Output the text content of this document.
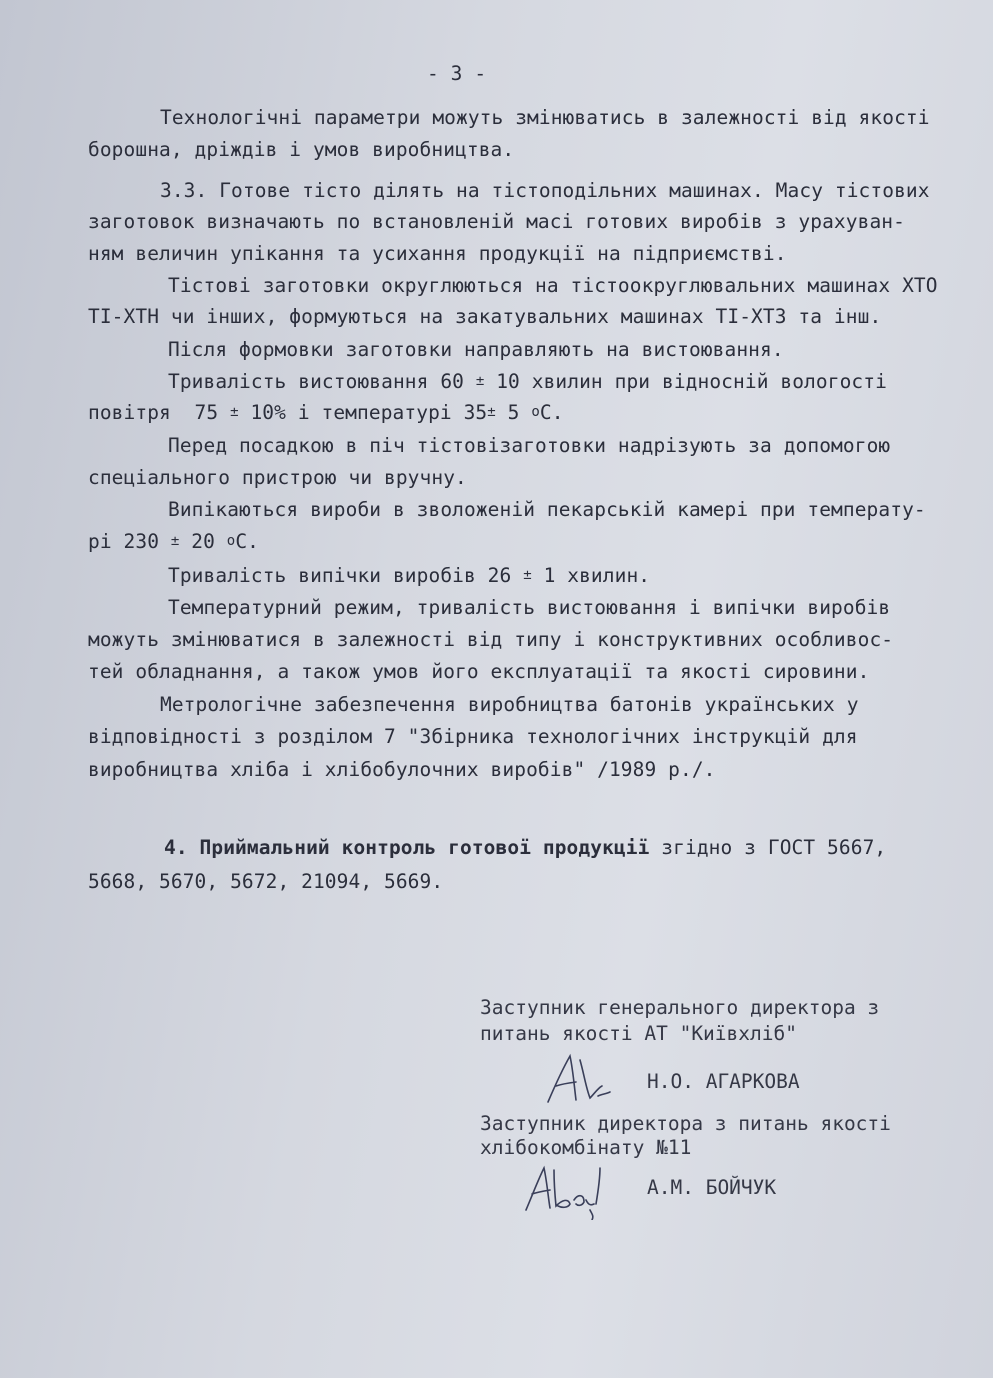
- 3 -
Технологічні параметри можуть змінюватись в залежності від якості
борошна, дріждів і умов виробництва.
3.3. Готове тісто ділять на тістоподільних машинах. Масу тістових
заготовок визначають по встановленій масі готових виробів з урахуван-
ням величин упікання та усихання продукції на підприємстві.
Тістові заготовки округлюються на тістоокруглювальних машинах ХТО
ТІ-ХТН чи інших, формуються на закатувальних машинах ТІ-ХТЗ та інш.
Після формовки заготовки направляють на вистоювання.
Тривалість вистоювання 60 ± 10 хвилин при відносній вологості
повітря  75 ± 10% і температурі 35± 5 $^o$С.
Перед посадкою в піч тістовізаготовки надрізують за допомогою
спеціального пристрою чи вручну.
Випікаються вироби в зволоженій пекарській камері при температу-
рі 230 ± 20 $^o$С.
Тривалість випічки виробів 26 ± 1 хвилин.
Температурний режим, тривалість вистоювання і випічки виробів
можуть змінюватися в залежності від типу і конструктивних особливос-
тей обладнання, а також умов його експлуатації та якості сировини.
Метрологічне забезпечення виробництва батонів українських у
відповідності з розділом 7 "Збірника технологічних інструкцій для
виробництва хліба і хлібобулочних виробів" /1989 р./.
4. Приймальний контроль готової продукції згідно з ГОСТ 5667,
5668, 5670, 5672, 21094, 5669.
Заступник генерального директора з
питань якості АТ "Київхліб"
Н.О. АГАРКОВА
Заступник директора з питань якості
хлібокомбінату №11
А.М. БОЙЧУК
